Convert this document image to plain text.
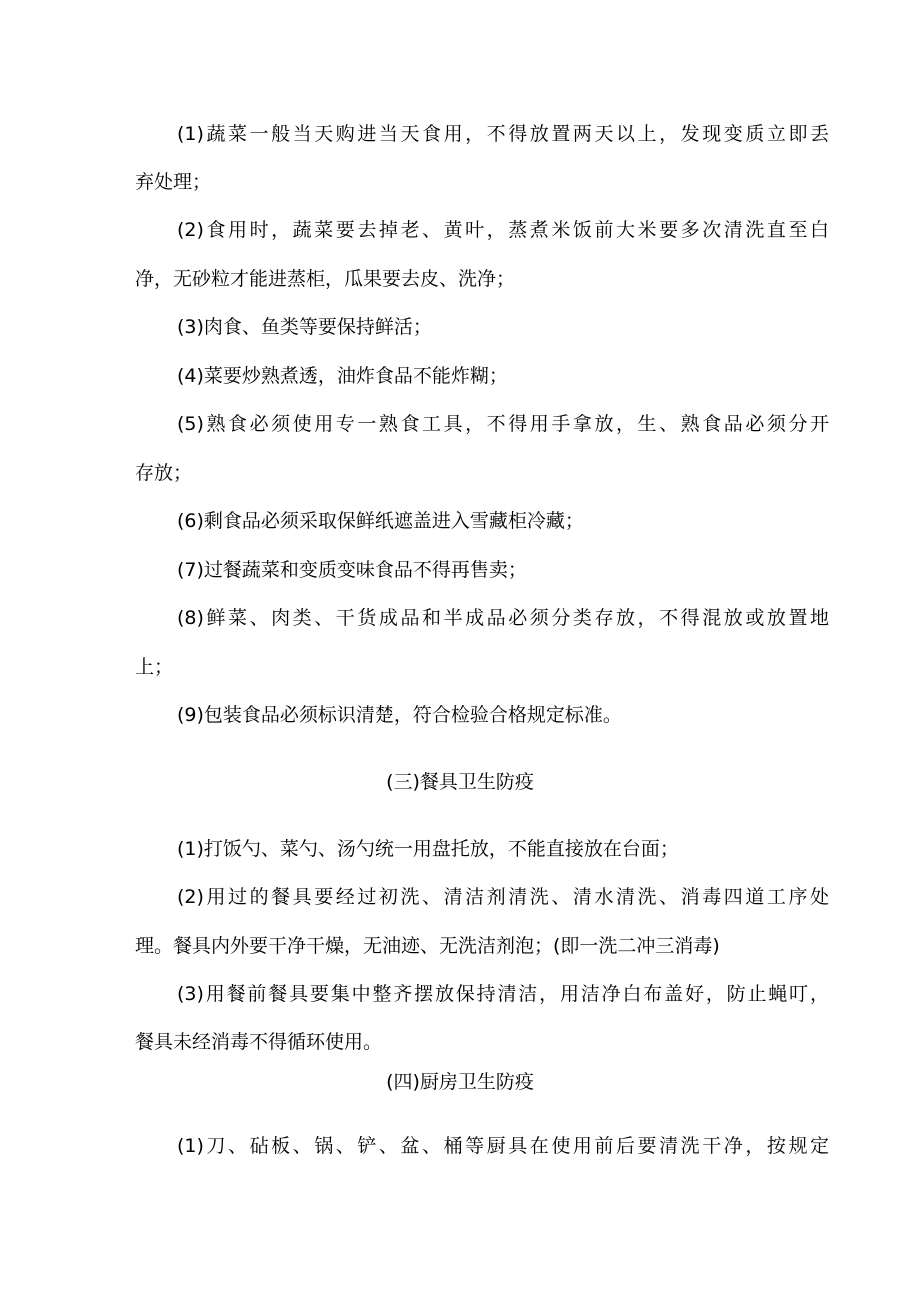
(1)蔬菜一般当天购进当天食用，不得放置两天以上，发现变质立即丢
弃处理；
(2)食用时，蔬菜要去掉老、黄叶，蒸煮米饭前大米要多次清洗直至白
净，无砂粒才能进蒸柜，瓜果要去皮、洗净；
(3)肉食、鱼类等要保持鲜活；
(4)菜要炒熟煮透，油炸食品不能炸糊；
(5)熟食必须使用专一熟食工具，不得用手拿放，生、熟食品必须分开
存放；
(6)剩食品必须采取保鲜纸遮盖进入雪藏柜冷藏；
(7)过餐蔬菜和变质变味食品不得再售卖；
(8)鲜菜、肉类、干货成品和半成品必须分类存放，不得混放或放置地
上；
(9)包装食品必须标识清楚，符合检验合格规定标准。
(三)餐具卫生防疫
(1)打饭勺、菜勺、汤勺统一用盘托放，不能直接放在台面；
(2)用过的餐具要经过初洗、清洁剂清洗、清水清洗、消毒四道工序处
理。餐具内外要干净干燥，无油迹、无洗洁剂泡；(即一洗二冲三消毒)
(3)用餐前餐具要集中整齐摆放保持清洁，用洁净白布盖好，防止蝇叮，
餐具未经消毒不得循环使用。
(四)厨房卫生防疫
(1)刀、砧板、锅、铲、盆、桶等厨具在使用前后要清洗干净，按规定
